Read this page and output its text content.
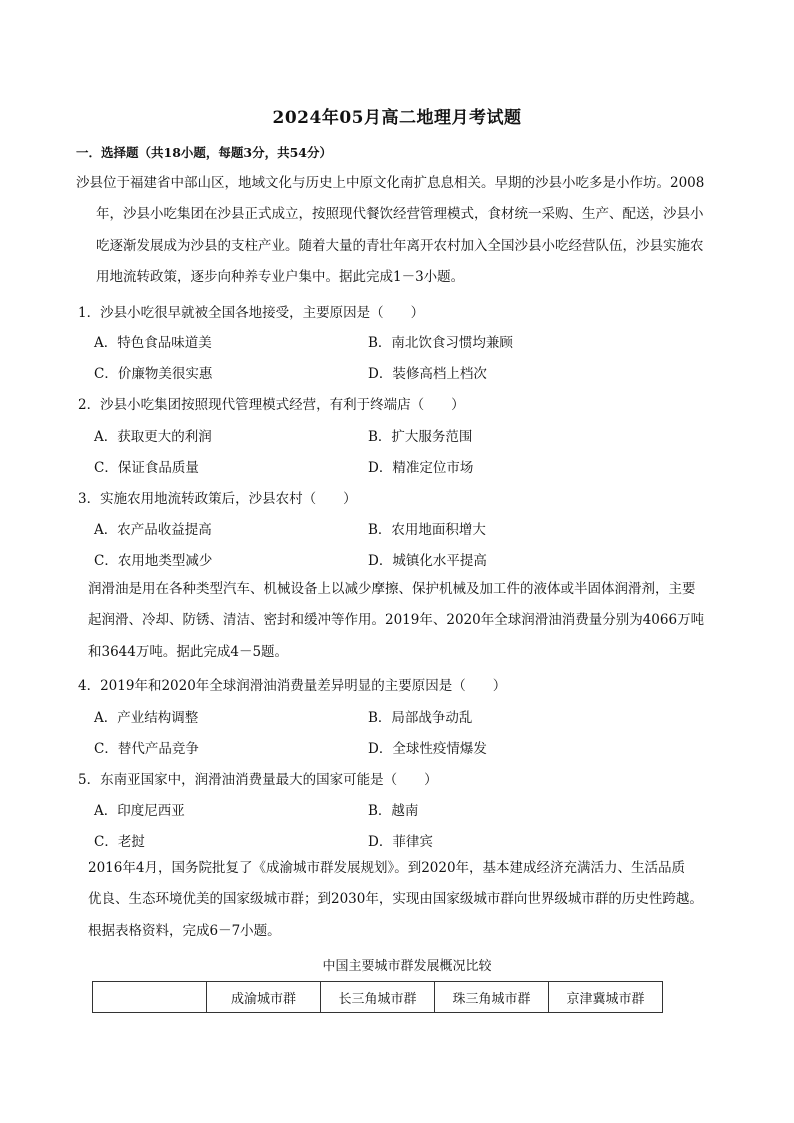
2024年05月高二地理月考试题
一．选择题（共18小题，每题3分，共54分）
沙县位于福建省中部山区，地域文化与历史上中原文化南扩息息相关。早期的沙县小吃多是小作坊。2008
年，沙县小吃集团在沙县正式成立，按照现代餐饮经营管理模式，食材统一采购、生产、配送，沙县小
吃逐渐发展成为沙县的支柱产业。随着大量的青壮年离开农村加入全国沙县小吃经营队伍，沙县实施农
用地流转政策，逐步向种养专业户集中。据此完成1－3小题。
1．沙县小吃很早就被全国各地接受，主要原因是（　　）
A．特色食品味道美	B．南北饮食习惯均兼顾
C．价廉物美很实惠	D．装修高档上档次
2．沙县小吃集团按照现代管理模式经营，有利于终端店（　　）
A．获取更大的利润	B．扩大服务范围
C．保证食品质量	D．精准定位市场
3．实施农用地流转政策后，沙县农村（　　）
A．农产品收益提高	B．农用地面积增大
C．农用地类型减少	D．城镇化水平提高
润滑油是用在各种类型汽车、机械设备上以减少摩擦、保护机械及加工件的液体或半固体润滑剂，主要
起润滑、冷却、防锈、清洁、密封和缓冲等作用。2019年、2020年全球润滑油消费量分别为4066万吨
和3644万吨。据此完成4－5题。
4．2019年和2020年全球润滑油消费量差异明显的主要原因是（　　）
A．产业结构调整	B．局部战争动乱
C．替代产品竞争	D．全球性疫情爆发
5．东南亚国家中，润滑油消费量最大的国家可能是（　　）
A．印度尼西亚	B．越南
C．老挝	D．菲律宾
2016年4月，国务院批复了《成渝城市群发展规划》。到2020年，基本建成经济充满活力、生活品质
优良、生态环境优美的国家级城市群；到2030年，实现由国家级城市群向世界级城市群的历史性跨越。
根据表格资料，完成6－7小题。
中国主要城市群发展概况比较
	成渝城市群	长三角城市群	珠三角城市群	京津冀城市群
